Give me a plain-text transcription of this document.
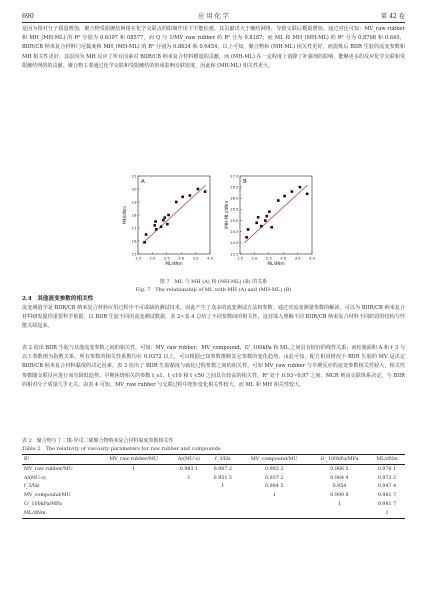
690	应 用 化 学	第 42 卷
是因为相对分子质量增加，聚合物受限缠结网络在化学交联点的限制作用下不能松弛，其贡献出大于缠结网络，导致交联后模量增加。通过对比可知：MV_raw rubber 和 MH_(MH-ML) 的 R² 分别为 0.6397 和 08577，而 Q 与 1/MV_raw rubber 的 R² 分为 0.8187；而 ML 和 MH_(MH-ML) 的 R² 分为 0.8708 和 0.645，BIIR/CB 纳米复合材料门尼黏度和 MH_(MH-ML) 的 R² 分别为 0.8634 和 0.6454。以上可知，聚合物和 (MH-ML) 相关性更好，而混炼后 BIIR 生胶的流变参数和 MH 相关性更好。其原因为 MH 反应了所有因素对 BIIR/CB 纳米复合材料模量的贡献，而 (MH-ML) 在一定程度上消除了补强剂的影响，能够更多的反应化学交联和受限缠结网络的贡献。聚合物主要通过化学交联和受限缠结的形成影响交联密度，因此和 (MH-ML) 相关性更大。
A
1.5 2.0 2.5 3.0 3.5 4.0
15
16
17
18
19
20
21
ML/dNm
MH/dNm
B
1.5 2.0 2.5 3.0 3.5 4.0
13.5
14.0
14.5
15.0
15.5
16.0
16.5
17.0
ML/dNm
(MH-ML)/dNm
图 7　ML 与 MH (A) 和 (MH-ML) (B) 的关系
Fig. 7　The relationship of ML with MH (A) and (MH-ML) (B)
2.4　其他流变参数的相关性
流变测量学是 BIIR/CB 纳米复合材料应用过程中不可或缺的测试技术，因此产生了众多的流变测试方法和参数。通过对流变测量参数的解读，可以为 BIIR/CB 纳米复合材料研发提供重要科学依据。以 BIIR 生胶不同的流变测试数据，表 2~表 4 总结了不同参数间的相关性，这对深入理解不同 BIIR/CB 纳米复合材料不同阶段的结构与性能关联起来。
表 2 给出 BIIR 生胶与其他流变参数之间的相关性，可知：MV_raw rubber、MV_compound、G'_100kPa 和 ML 之间具有较好的线性关系；而松弛面积 A 和 f_3 与以上参数则为指数关系。所有参数的相关性系数均在 0.9372 以上，可以根据已知参数推断其它参数的变化趋势。由此可知，配方相同情况下 BIIR 生胶的 MV 是决定 BIIR/CB 纳米复合材料黏度的决定因素。表 3 给出了 BIIR 生胶黏度与硫化过程参数之间的相关性，可知 MV_raw rubber 与早期反应的流变参数相关性较大，相关性参数随交联反应进行而有降低趋势。早期焦烧相关的参数 t_s1、t_c10 和 t_c50 之间具有较高的相关性，R² 处于 0.93~0.97 之间。MCR 则由交联体系决定，与 BIIR 的相对分子质量几乎无关。由表 4 可知，MV_raw rubber 与交联过程中扭矩变化相关性较大，而 ML 和 MH 相关性较大。
表 2　聚合物与丁二烯-异戊二烯聚合物纳米复合材料黏度参数相关性
Table 2　The relativity of viscosity parameters for raw rubber and compounds
R²	MV_raw rubber/MU	A/(MU·s)	f_3/Hz	MV_compound/MU	G'_100kPa/MPa	ML/dNm
MV_raw rubber/MU	1	0.983 1	0.987 2	0.983 3	0.986 5	0.976 1
A/(MU·s)		1	0.951 5	0.937 2	0.984 4	0.972 2
f_3/Hz			1	0.984 5	0.954	0.947 4
MV_compound/MU				1	0.990 8	0.981 7
G'_100kPa/MPa					1	0.981 7
ML/dNm						1
